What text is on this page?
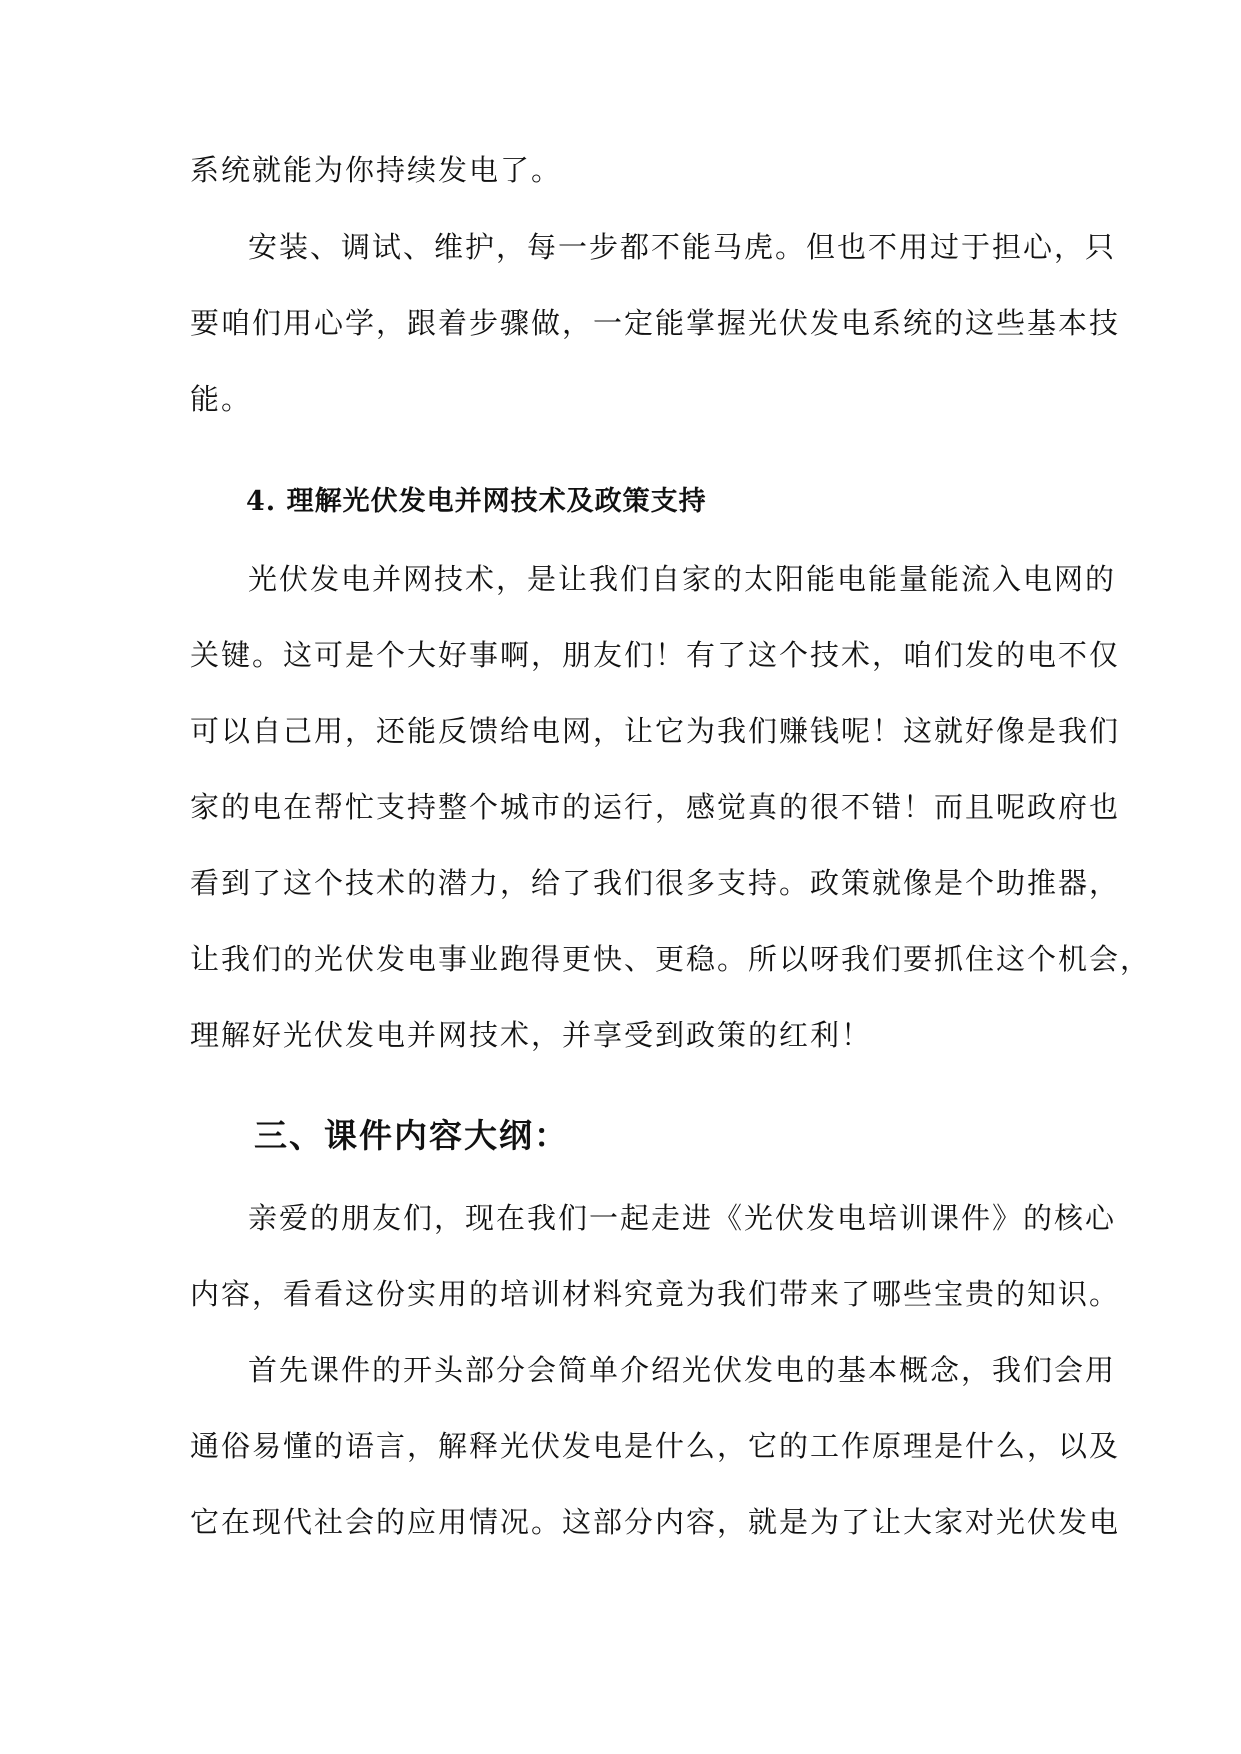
系统就能为你持续发电了。
安装、调试、维护，每一步都不能马虎。但也不用过于担心，只
要咱们用心学，跟着步骤做，一定能掌握光伏发电系统的这些基本技
能。
4. 理解光伏发电并网技术及政策支持
光伏发电并网技术，是让我们自家的太阳能电能量能流入电网的
关键。这可是个大好事啊，朋友们！有了这个技术，咱们发的电不仅
可以自己用，还能反馈给电网，让它为我们赚钱呢！这就好像是我们
家的电在帮忙支持整个城市的运行，感觉真的很不错！而且呢政府也
看到了这个技术的潜力，给了我们很多支持。政策就像是个助推器，
让我们的光伏发电事业跑得更快、更稳。所以呀我们要抓住这个机会，
理解好光伏发电并网技术，并享受到政策的红利！
三、课件内容大纲：
亲爱的朋友们，现在我们一起走进《光伏发电培训课件》的核心
内容，看看这份实用的培训材料究竟为我们带来了哪些宝贵的知识。
首先课件的开头部分会简单介绍光伏发电的基本概念，我们会用
通俗易懂的语言，解释光伏发电是什么，它的工作原理是什么，以及
它在现代社会的应用情况。这部分内容，就是为了让大家对光伏发电
